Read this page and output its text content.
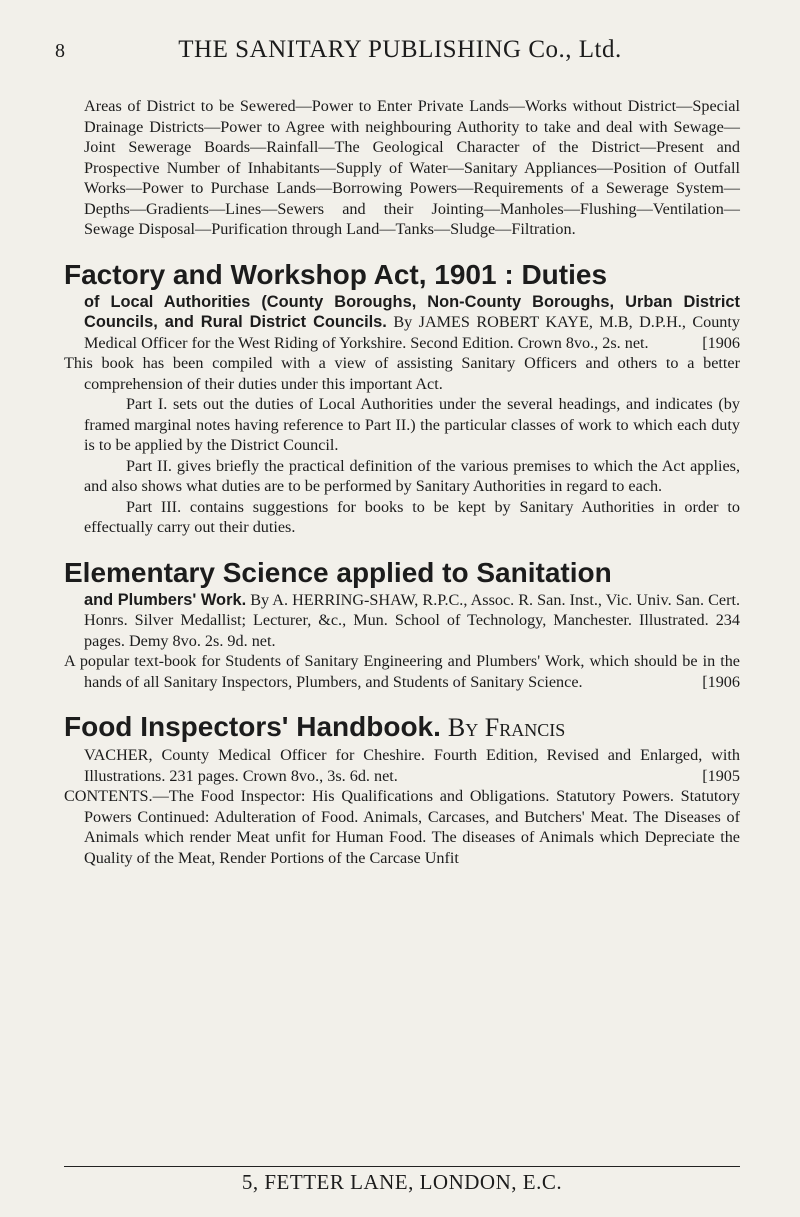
8	THE SANITARY PUBLISHING Co., Ltd.

Areas of District to be Sewered—Power to Enter Private Lands—Works without District—Special Drainage Districts—Power to Agree with neighbouring Authority to take and deal with Sewage—Joint Sewerage Boards—Rainfall—The Geological Character of the District—Present and Prospective Number of Inhabitants—Supply of Water—Sanitary Appliances—Position of Outfall Works—Power to Purchase Lands—Borrowing Powers—Requirements of a Sewerage System—Depths—Gradients—Lines—Sewers and their Jointing—Manholes—Flushing—Ventilation—Sewage Disposal—Purification through Land—Tanks—Sludge—Filtration.

Factory and Workshop Act, 1901 : Duties

of Local Authorities (County Boroughs, Non-County Boroughs, Urban District Councils, and Rural District Councils. By JAMES ROBERT KAYE, M.B, D.P.H., County Medical Officer for the West Riding of Yorkshire. Second Edition. Crown 8vo., 2s. net.	[1906

This book has been compiled with a view of assisting Sanitary Officers and others to a better comprehension of their duties under this important Act.

Part I. sets out the duties of Local Authorities under the several headings, and indicates (by framed marginal notes having reference to Part II.) the particular classes of work to which each duty is to be applied by the District Council.

Part II. gives briefly the practical definition of the various premises to which the Act applies, and also shows what duties are to be performed by Sanitary Authorities in regard to each.

Part III. contains suggestions for books to be kept by Sanitary Authorities in order to effectually carry out their duties.

Elementary Science applied to Sanitation

and Plumbers' Work. By A. HERRING-SHAW, R.P.C., Assoc. R. San. Inst., Vic. Univ. San. Cert. Honrs. Silver Medallist; Lecturer, &c., Mun. School of Technology, Manchester. Illustrated. 234 pages. Demy 8vo. 2s. 9d. net.

A popular text-book for Students of Sanitary Engineering and Plumbers' Work, which should be in the hands of all Sanitary Inspectors, Plumbers, and Students of Sanitary Science.	[1906

Food Inspectors' Handbook. By Francis

VACHER, County Medical Officer for Cheshire. Fourth Edition, Revised and Enlarged, with Illustrations. 231 pages. Crown 8vo., 3s. 6d. net.	[1905

CONTENTS.—The Food Inspector: His Qualifications and Obligations. Statutory Powers. Statutory Powers Continued: Adulteration of Food. Animals, Carcases, and Butchers' Meat. The Diseases of Animals which render Meat unfit for Human Food. The diseases of Animals which Depreciate the Quality of the Meat, Render Portions of the Carcase Unfit

5, FETTER LANE, LONDON, E.C.
